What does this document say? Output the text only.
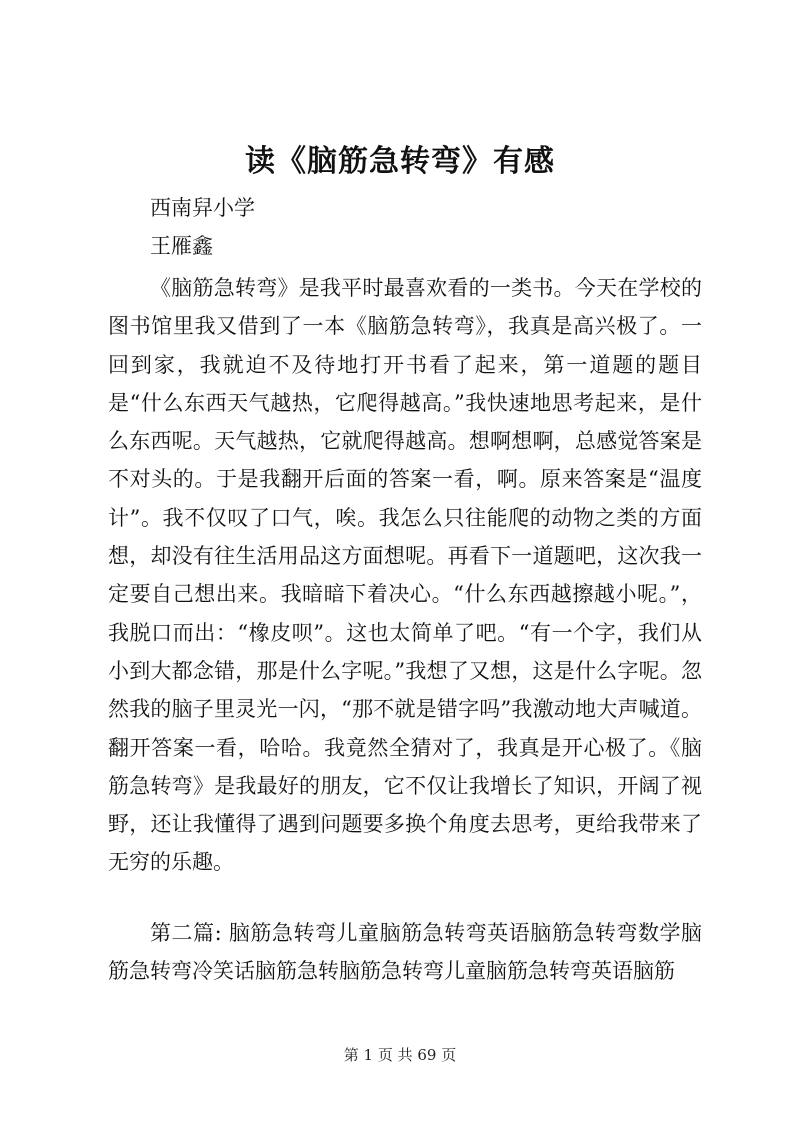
读《脑筋急转弯》有感
西南舁小学
王雁鑫

《脑筋急转弯》是我平时最喜欢看的一类书。今天在学校的图书馆里我又借到了一本《脑筋急转弯》，我真是高兴极了。一回到家，我就迫不及待地打开书看了起来，第一道题的题目是“什么东西天气越热，它爬得越高。”我快速地思考起来，是什么东西呢。天气越热，它就爬得越高。想啊想啊，总感觉答案是不对头的。于是我翻开后面的答案一看，啊。原来答案是“温度计”。我不仅叹了口气，唉。我怎么只往能爬的动物之类的方面想，却没有往生活用品这方面想呢。再看下一道题吧，这次我一定要自己想出来。我暗暗下着决心。“什么东西越擦越小呢。”，我脱口而出：“橡皮呗”。这也太简单了吧。“有一个字，我们从小到大都念错，那是什么字呢。”我想了又想，这是什么字呢。忽然我的脑子里灵光一闪，“那不就是错字吗”我激动地大声喊道。翻开答案一看，哈哈。我竟然全猜对了，我真是开心极了。《脑筋急转弯》是我最好的朋友，它不仅让我增长了知识，开阔了视野，还让我懂得了遇到问题要多换个角度去思考，更给我带来了无穷的乐趣。

第二篇: 脑筋急转弯儿童脑筋急转弯英语脑筋急转弯数学脑筋急转弯冷笑话脑筋急转脑筋急转弯儿童脑筋急转弯英语脑筋

第 1 页 共 69 页
